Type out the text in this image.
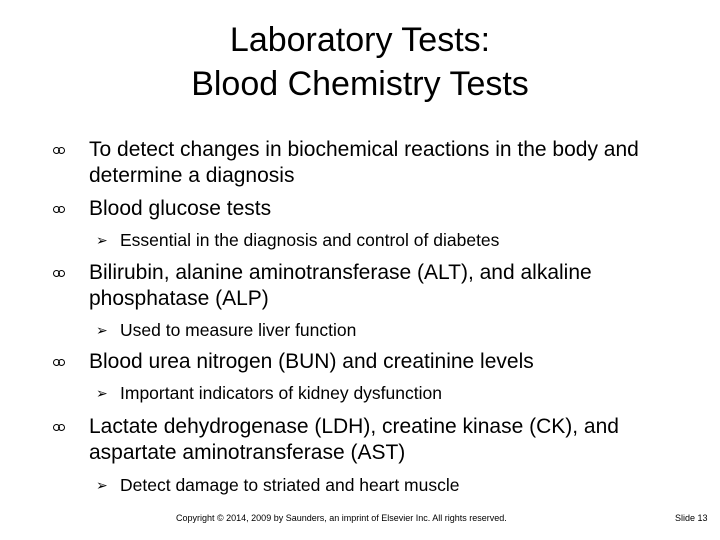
Laboratory Tests:
Blood Chemistry Tests
To detect changes in biochemical reactions in the body and determine a diagnosis
Blood glucose tests
➢ Essential in the diagnosis and control of diabetes
Bilirubin, alanine aminotransferase (ALT), and alkaline phosphatase (ALP)
➢ Used to measure liver function
Blood urea nitrogen (BUN) and creatinine levels
➢ Important indicators of kidney dysfunction
Lactate dehydrogenase (LDH), creatine kinase (CK), and aspartate aminotransferase (AST)
➢ Detect damage to striated and heart muscle
Copyright © 2014, 2009 by Saunders, an imprint of Elsevier Inc. All rights reserved.	Slide 13
